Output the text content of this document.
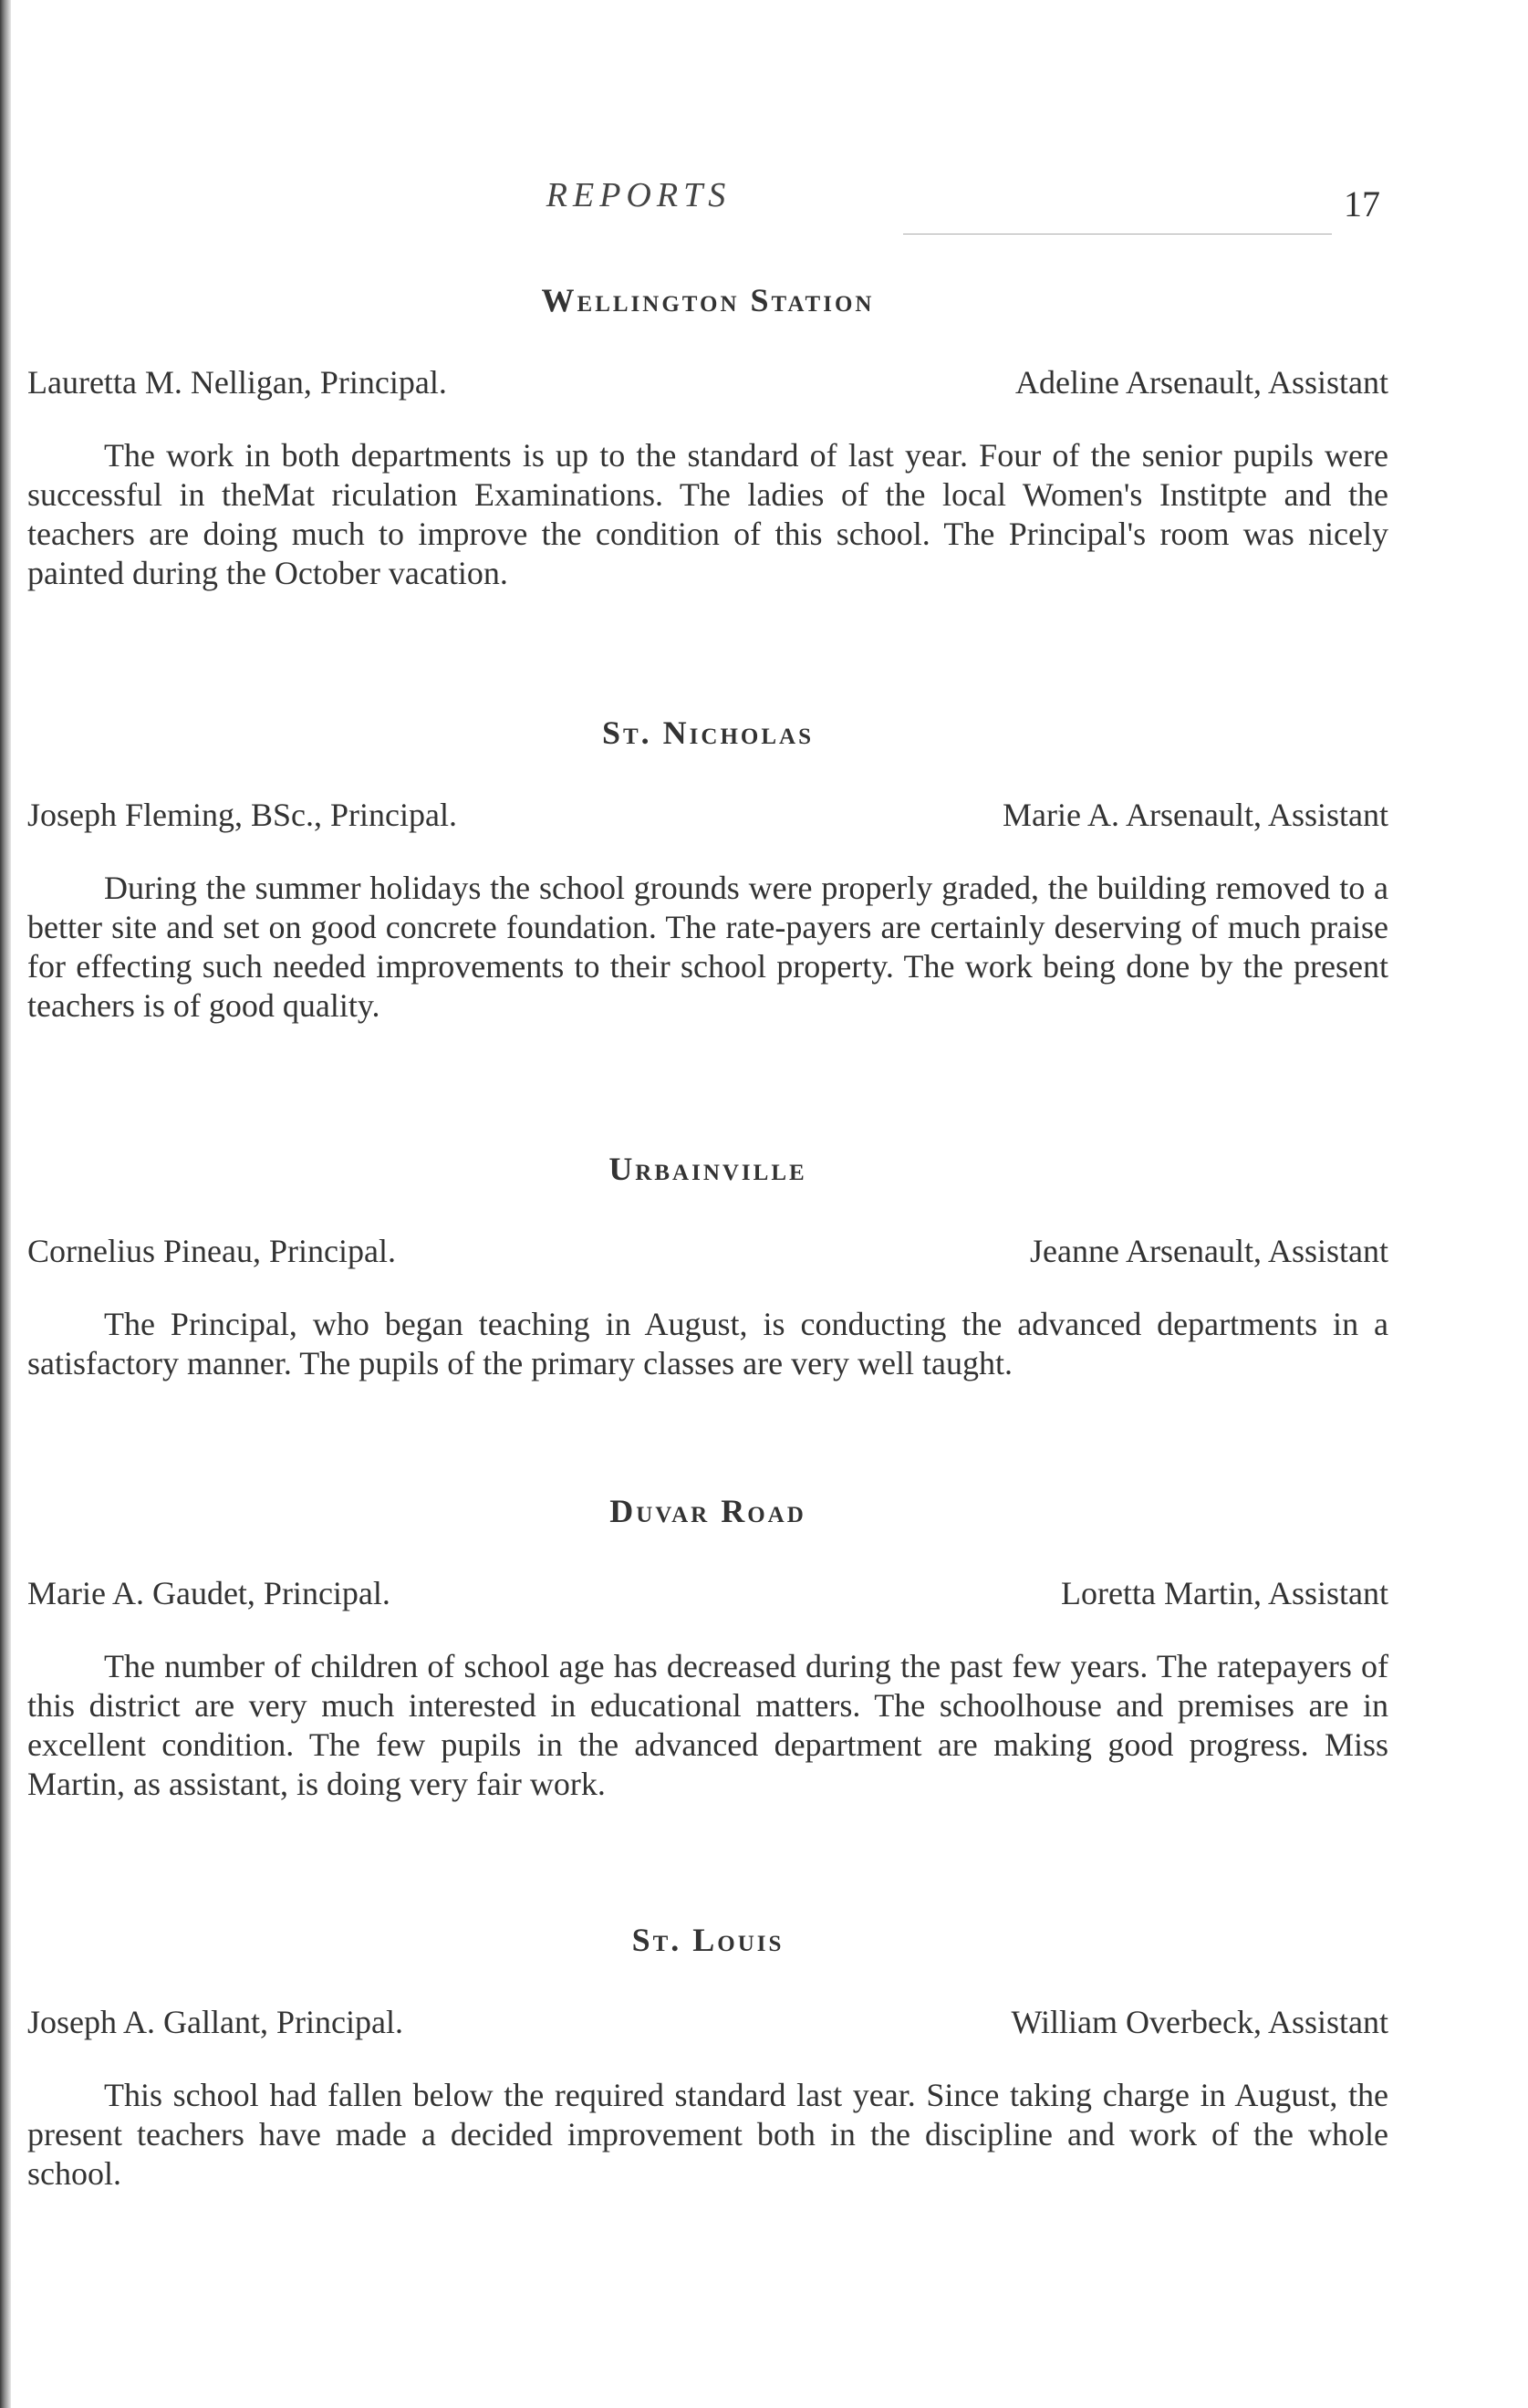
REPORTS	17
Wellington Station
Lauretta M. Nelligan, Principal.	Adeline Arsenault, Assistant

The work in both departments is up to the standard of last year. Four of the senior pupils were successful in theMat riculation Examinations. The ladies of the local Women's Institpte and the teachers are doing much to improve the condition of this school. The Principal's room was nicely painted during the October vacation.

St. Nicholas
Joseph Fleming, BSc., Principal.	Marie A. Arsenault, Assistant

During the summer holidays the school grounds were properly graded, the building removed to a better site and set on good concrete foundation. The rate-payers are certainly deserving of much praise for effecting such needed improvements to their school property. The work being done by the present teachers is of good quality.

Urbainville
Cornelius Pineau, Principal.	Jeanne Arsenault, Assistant

The Principal, who began teaching in August, is conducting the advanced departments in a satisfactory manner. The pupils of the primary classes are very well taught.

Duvar Road
Marie A. Gaudet, Principal.	Loretta Martin, Assistant

The number of children of school age has decreased during the past few years. The ratepayers of this district are very much interested in educational matters. The schoolhouse and premises are in excellent condition. The few pupils in the advanced department are making good progress. Miss Martin, as assistant, is doing very fair work.

St. Louis
Joseph A. Gallant, Principal.	William Overbeck, Assistant

This school had fallen below the required standard last year. Since taking charge in August, the present teachers have made a decided improvement both in the discipline and work of the whole school.
